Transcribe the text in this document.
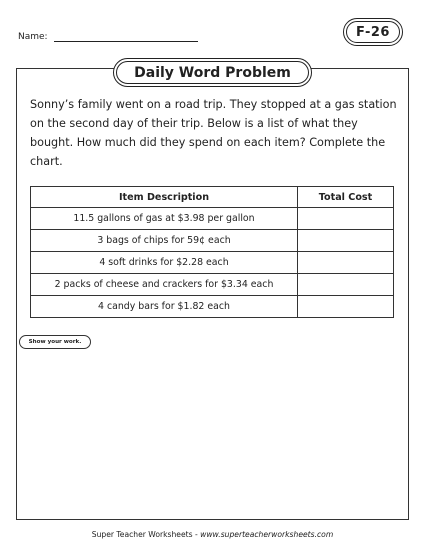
Name:	F-26
Daily Word Problem
Sonny’s family went on a road trip. They stopped at a gas station on the second day of their trip. Below is a list of what they bought. How much did they spend on each item? Complete the chart.
Item Description	Total Cost
11.5 gallons of gas at $3.98 per gallon	
3 bags of chips for 59¢ each	
4 soft drinks for $2.28 each	
2 packs of cheese and crackers for $3.34 each	
4 candy bars for $1.82 each	
Show your work.
Super Teacher Worksheets - www.superteacherworksheets.com
